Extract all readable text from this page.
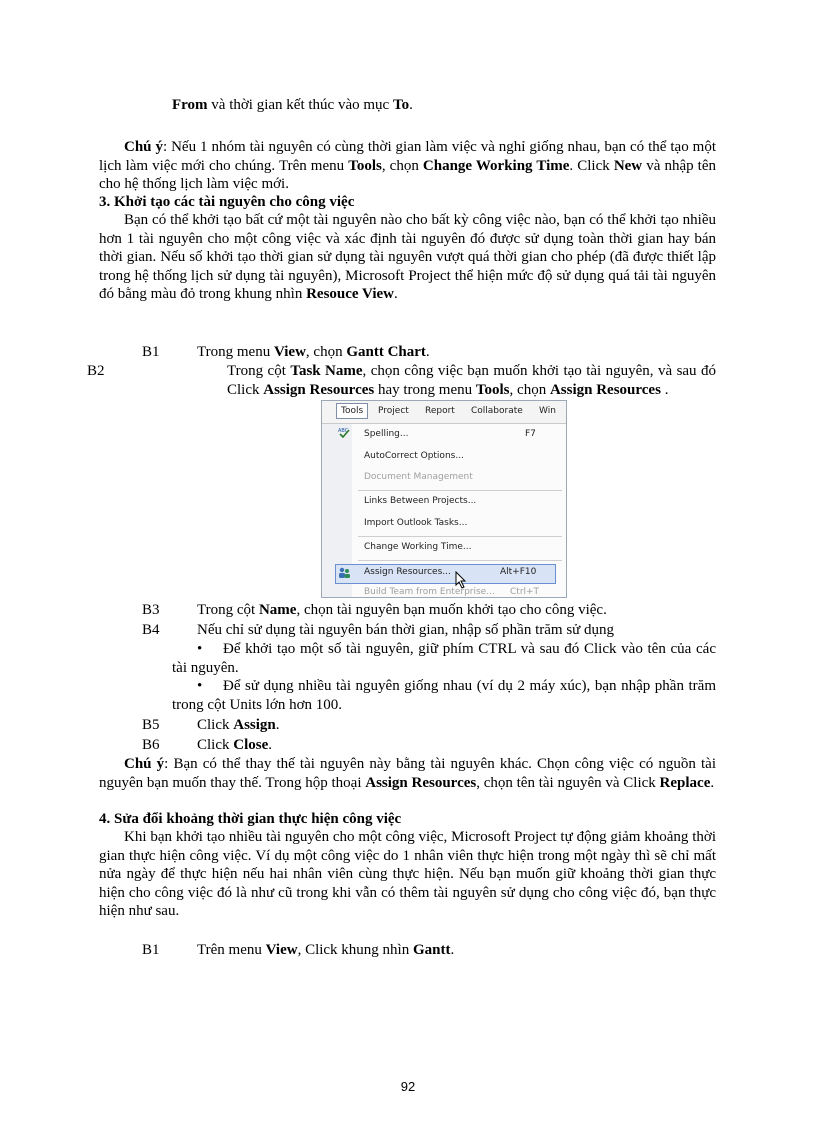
From và thời gian kết thúc vào mục To.
Chú ý: Nếu 1 nhóm tài nguyên có cùng thời gian làm việc và nghỉ giống nhau, bạn có thể tạo một lịch làm việc mới cho chúng. Trên menu Tools, chọn Change Working Time. Click New và nhập tên cho hệ thống lịch làm việc mới.
3. Khởi tạo các tài nguyên cho công việc
Bạn có thể khởi tạo bất cứ một tài nguyên nào cho bất kỳ công việc nào, bạn có thể khởi tạo nhiều hơn 1 tài nguyên cho một công việc và xác định tài nguyên đó được sử dụng toàn thời gian hay bán thời gian. Nếu số khởi tạo thời gian sử dụng tài nguyên vượt quá thời gian cho phép (đã được thiết lập trong hệ thống lịch sử dụng tài nguyên), Microsoft Project thể hiện mức độ sử dụng quá tải tài nguyên đó bằng màu đỏ trong khung nhìn Resouce View.
B1 Trong menu View, chọn Gantt Chart.
B2	Trong cột Task Name, chọn công việc bạn muốn khởi tạo tài nguyên, và sau đó Click Assign Resources hay trong menu Tools, chọn Assign Resources .
Tools	Project Report Collaborate Win
ABC Spelling...	F7
AutoCorrect Options...
Document Management
Links Between Projects...
Import Outlook Tasks...
Change Working Time...
Assign Resources...	Alt+F10
Build Team from Enterprise... Ctrl+T
B3 Trong cột Name, chọn tài nguyên bạn muốn khởi tạo cho công việc.
B4 Nếu chỉ sử dụng tài nguyên bán thời gian, nhập số phần trăm sử dụng
• Để khởi tạo một số tài nguyên, giữ phím CTRL và sau đó Click vào tên của các tài nguyên.
• Để sử dụng nhiều tài nguyên giống nhau (ví dụ 2 máy xúc), bạn nhập phần trăm trong cột Units lớn hơn 100.
B5 Click Assign.
B6 Click Close.
Chú ý: Bạn có thể thay thế tài nguyên này bằng tài nguyên khác. Chọn công việc có nguồn tài nguyên bạn muốn thay thế. Trong hộp thoại Assign Resources, chọn tên tài nguyên và Click Replace.
4. Sửa đổi khoảng thời gian thực hiện công việc
Khi bạn khởi tạo nhiều tài nguyên cho một công việc, Microsoft Project tự động giảm khoảng thời gian thực hiện công việc. Ví dụ một công việc do 1 nhân viên thực hiện trong một ngày thì sẽ chỉ mất nửa ngày để thực hiện nếu hai nhân viên cùng thực hiện. Nếu bạn muốn giữ khoảng thời gian thực hiện cho công việc đó là như cũ trong khi vẫn có thêm tài nguyên sử dụng cho công việc đó, bạn thực hiện như sau.
B1 Trên menu View, Click khung nhìn Gantt.
92
